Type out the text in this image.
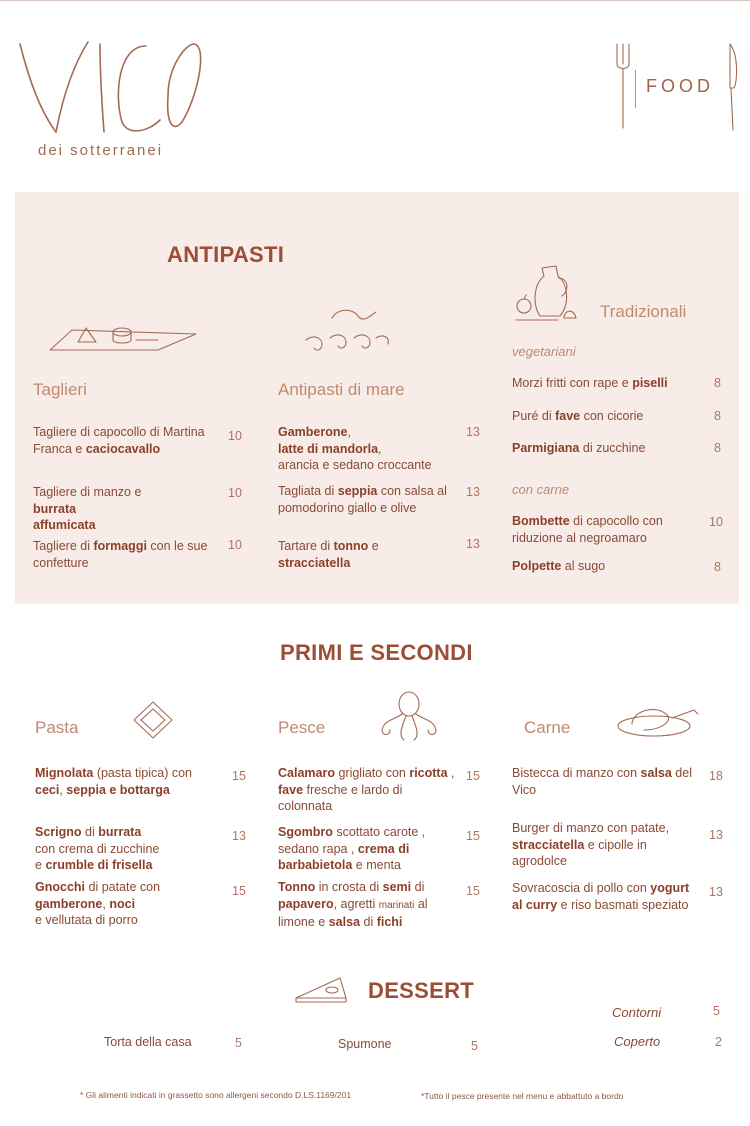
dei sotterranei
FOOD
ANTIPASTI
Tradizionali
vegetariani
Taglieri	Antipasti di mare
Tagliere di capocollo di Martina Franca e caciocavallo
10
Tagliere di manzo e
burrata
affumicata
10
Tagliere di formaggi con le sue confetture
10
Gamberone,
latte di mandorla,
arancia e sedano croccante
13
Tagliata di seppia con salsa al pomodorino giallo e olive
13
Tartare di tonno e stracciatella
13
Morzi fritti con rape e piselli	8
Puré di fave con cicorie	8
Parmigiana di zucchine	8
con carne
Bombette di capocollo con riduzione al negroamaro
10
Polpette al sugo	8
PRIMI E SECONDI
Pasta	Pesce	Carne
Mignolata (pasta tipica) con ceci, seppia e bottarga
15
Scrigno di burrata
con crema di zucchine
e crumble di frisella
13
Gnocchi di patate con gamberone, noci
e vellutata di porro
15
Calamaro grigliato con ricotta , fave fresche e lardo di colonnata
15
Sgombro scottato carote , sedano rapa , crema di barbabietola e menta
15
Tonno in crosta di semi di papavero, agretti marinati al limone e salsa di fichi
15
Bistecca di manzo con salsa del Vico
18
Burger di manzo con patate, stracciatella e cipolle in agrodolce
13
Sovracoscia di pollo con yogurt al curry e riso basmati speziato
13
DESSERT
Torta della casa	5	Spumone	5
Contorni	5
Coperto	2
* Gli alimenti indicati in grassetto sono allergeni secondo D.LS.1169/201	*Tutto il pesce presente nel menu e abbattuto a bordo
